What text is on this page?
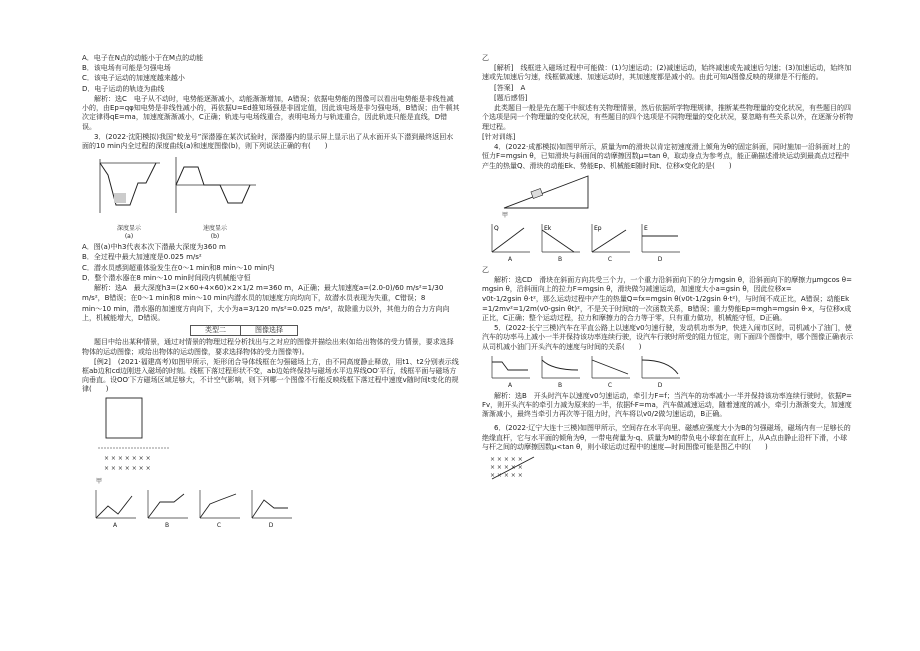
A．电子在N点的动能小于在M点的动能

B．该电场有可能是匀强电场

C．该电子运动的加速度越来越小

D．电子运动的轨迹为曲线

解析：选C　电子从不动时，电势能逐渐减小，动能渐渐增加，A错误；依据电势能的图像可以看出电势能是非线性减小的，由Ep=qφ知电势是非线性减小的，再依据U=Ed推知场强是非固定值，因此该电场是非匀强电场，B错误；由牛顿其次定律得qE=ma，加速度渐渐减小，C正确；轨迹与电场线重合，表明电场力与轨迹重合，因此轨迹只能是直线，D错误。

3．(2022·沈阳模拟)我国“蛟龙号”深潜器在某次试验时，深潜器内的显示屏上显示出了从水面开头下潜到最终返回水面的10 min内全过程的深度曲线(a)和速度图像(b)，则下列说法正确的有(　　)

深度显示
(a)
速度显示
(b)

A．图(a)中h3代表本次下潜最大深度为360 m

B．全过程中最大加速度是0.025 m/s²

C．潜水员感到超重体验发生在0～1 min和8 min～10 min内

D．整个潜水器在8 min～10 min时间段内机械能守恒

解析：选A　最大深度h3=(2×60+4×60)×2×1/2 m=360 m，A正确；最大加速度a=(2.0-0)/60 m/s²=1/30

m/s²，B错误；在0～1 min和8 min～10 min内潜水员的加速度方向均向下，故潜水员表现为失重，C错误；8

min～10 min，潜水器的加速度方向向下，大小为a=3/120 m/s²=0.025 m/s²，故除重力以外，其他力的合力方向向上，机械能增大，D错误。

类型二	图像选择

题目中给出某种情景，通过对情景的物理过程分析找出与之对应的图像并描绘出来(如给出物体的受力情景，要求选择物体的运动图像；或给出物体的运动图像，要求选择物体的受力图像等)。

[例2]　(2021·福建高考)如图甲所示，矩形闭合导体线框在匀强磁场上方，由不同高度静止释放，用t1、t2分别表示线框ab边和cd边刚进入磁场的时刻。线框下落过程形状不变，ab边始终保持与磁场水平边界线OO′平行，线框平面与磁场方向垂直。设OO′下方磁场区域足够大，不计空气影响，则下列哪一个图像不行能反映线框下落过程中速度v随时间t变化的规律(　　)

× × × × × × ×
× × × × × × ×
甲
A	B	C	D

乙

[解析]　线框进入磁场过程中可能做：(1)匀速运动；(2)减速运动，始终减速或先减速后匀速；(3)加速运动，始终加速或先加速后匀速，线框做减速、加速运动时，其加速度都是减小的。由此可知A图像反映的规律是不行能的。

[答案]　A

[题后感悟]

此类题目一般是先在题干中叙述有关物理情景，然后依据所学物理规律，推断某些物理量的变化状况，有些题目的四个选项是同一个物理量的变化状况，有些题目的四个选项是不同物理量的变化状况，要忽略有些关系以外，在逐渐分析物理过程。

[针对训练]

4．(2022·成都模拟)如图甲所示，质量为m的滑块以肯定初速度滑上倾角为θ的固定斜面，同时施加一沿斜面对上的恒力F=mgsin θ，已知滑块与斜面间的动摩擦因数μ=tan θ，取动身点为参考点，能正确描述滑块运动到最高点过程中产生的热量Q、滑块的动能Ek、势能Ep、机械能E随时间t、位移x变化的是(　　)

甲
Q
A
Ek
B
Ep
C
E
D

乙

解析：选CD　滑块在斜面方向共受三个力，一个重力沿斜面向下的分力mgsin θ，沿斜面向下的摩擦力μmgcos θ=mgsin θ，沿斜面向上的拉力F=mgsin θ，滑块做匀减速运动，加速度大小a=gsin θ，因此位移x=

v0t-1/2gsin θ·t²，那么运动过程中产生的热量Q=fx=mgsin θ(v0t-1/2gsin θ·t²)，与时间不成正比，A错误；动能Ek=1/2mv²=1/2m(v0-gsin θt)²，不是关于时间t的一次函数关系，B错误；重力势能Ep=mgh=mgsin θ·x，与位移x成正比，C正确；整个运动过程，拉力和摩擦力的合力等于零，只有重力做功，机械能守恒，D正确。

5．(2022·长宁三模)汽车在平直公路上以速度v0匀速行驶，发动机功率为P，快进入闹市区时，司机减小了油门，使汽车的功率马上减小一半并保持该功率连续行驶，设汽车行驶时所受的阻力恒定，则下面四个图像中，哪个图像正确表示从司机减小油门开头汽车的速度与时间的关系(　　)

A	B	C	D

解析：选B　开头时汽车以速度v0匀速运动，牵引力F=f；当汽车的功率减小一半并保持该功率连续行驶时，依据P=Fv，则开头汽车的牵引力减为原来的一半，依据f-F=ma，汽车做减速运动，随着速度的减小，牵引力渐渐变大，加速度渐渐减小，最终当牵引力再次等于阻力时，汽车将以v0/2做匀速运动，B正确。

6．(2022·辽宁大连十三模)如图甲所示，空间存在水平向里、磁感应强度大小为B的匀强磁场，磁场内有一足够长的绝缘直杆，它与水平面的倾角为θ，一带电荷量为-q、质量为M的带负电小球套在直杆上，从A点由静止沿杆下滑，小球与杆之间的动摩擦因数μ<tan θ，则小球运动过程中的速度—时间图像可能是图乙中的(　　)

× × × × ×
× × × × ×
× × × × ×
